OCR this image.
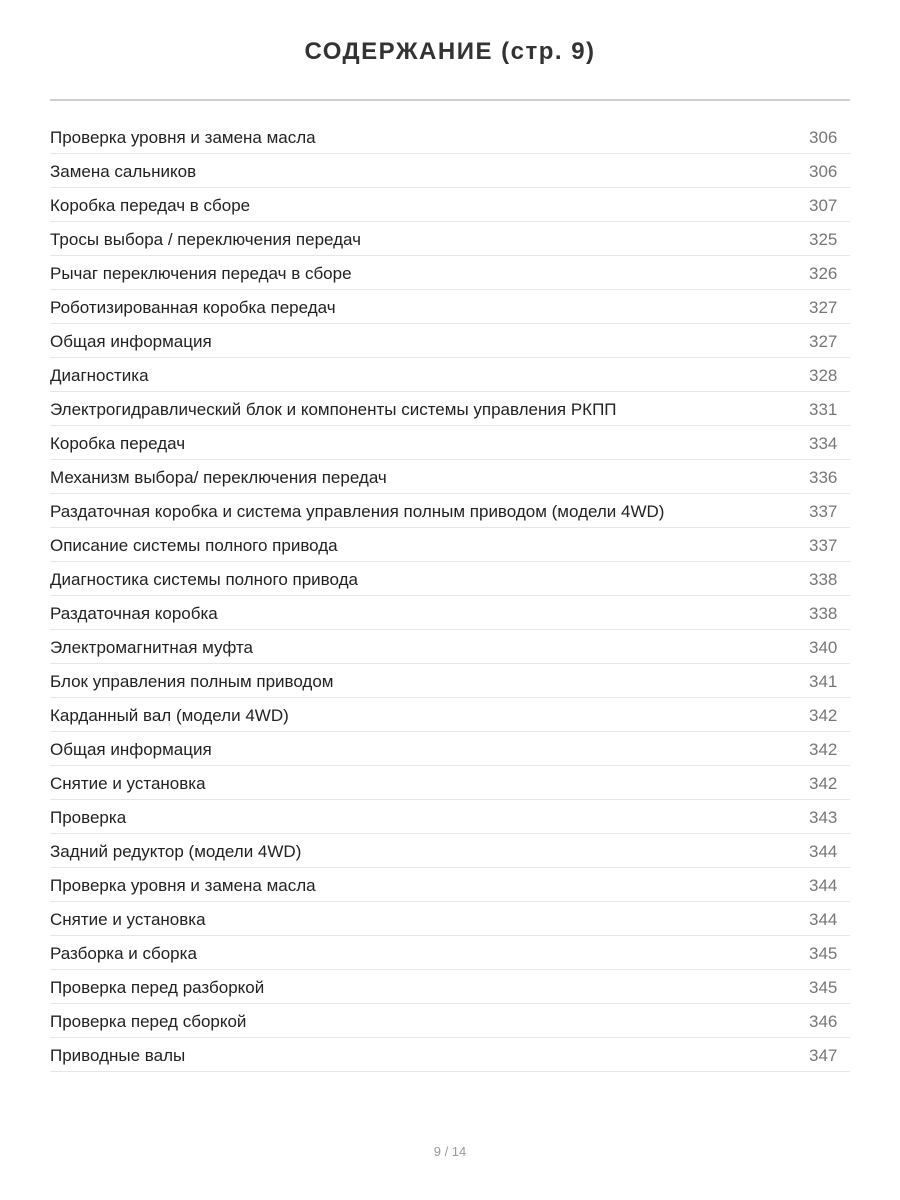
СОДЕРЖАНИЕ (стр. 9)
Проверка уровня и замена масла	306
Замена сальников	306
Коробка передач в сборе	307
Тросы выбора / переключения передач	325
Рычаг переключения передач в сборе	326
Роботизированная коробка передач	327
Общая информация	327
Диагностика	328
Электрогидравлический блок и компоненты системы управления РКПП	331
Коробка передач	334
Механизм выбора/ переключения передач	336
Раздаточная коробка и система управления полным приводом (модели 4WD)	337
Описание системы полного привода	337
Диагностика системы полного привода	338
Раздаточная коробка	338
Электромагнитная муфта	340
Блок управления полным приводом	341
Карданный вал (модели 4WD)	342
Общая информация	342
Снятие и установка	342
Проверка	343
Задний редуктор (модели 4WD)	344
Проверка уровня и замена масла	344
Снятие и установка	344
Разборка и сборка	345
Проверка перед разборкой	345
Проверка перед сборкой	346
Приводные валы	347
9 / 14
